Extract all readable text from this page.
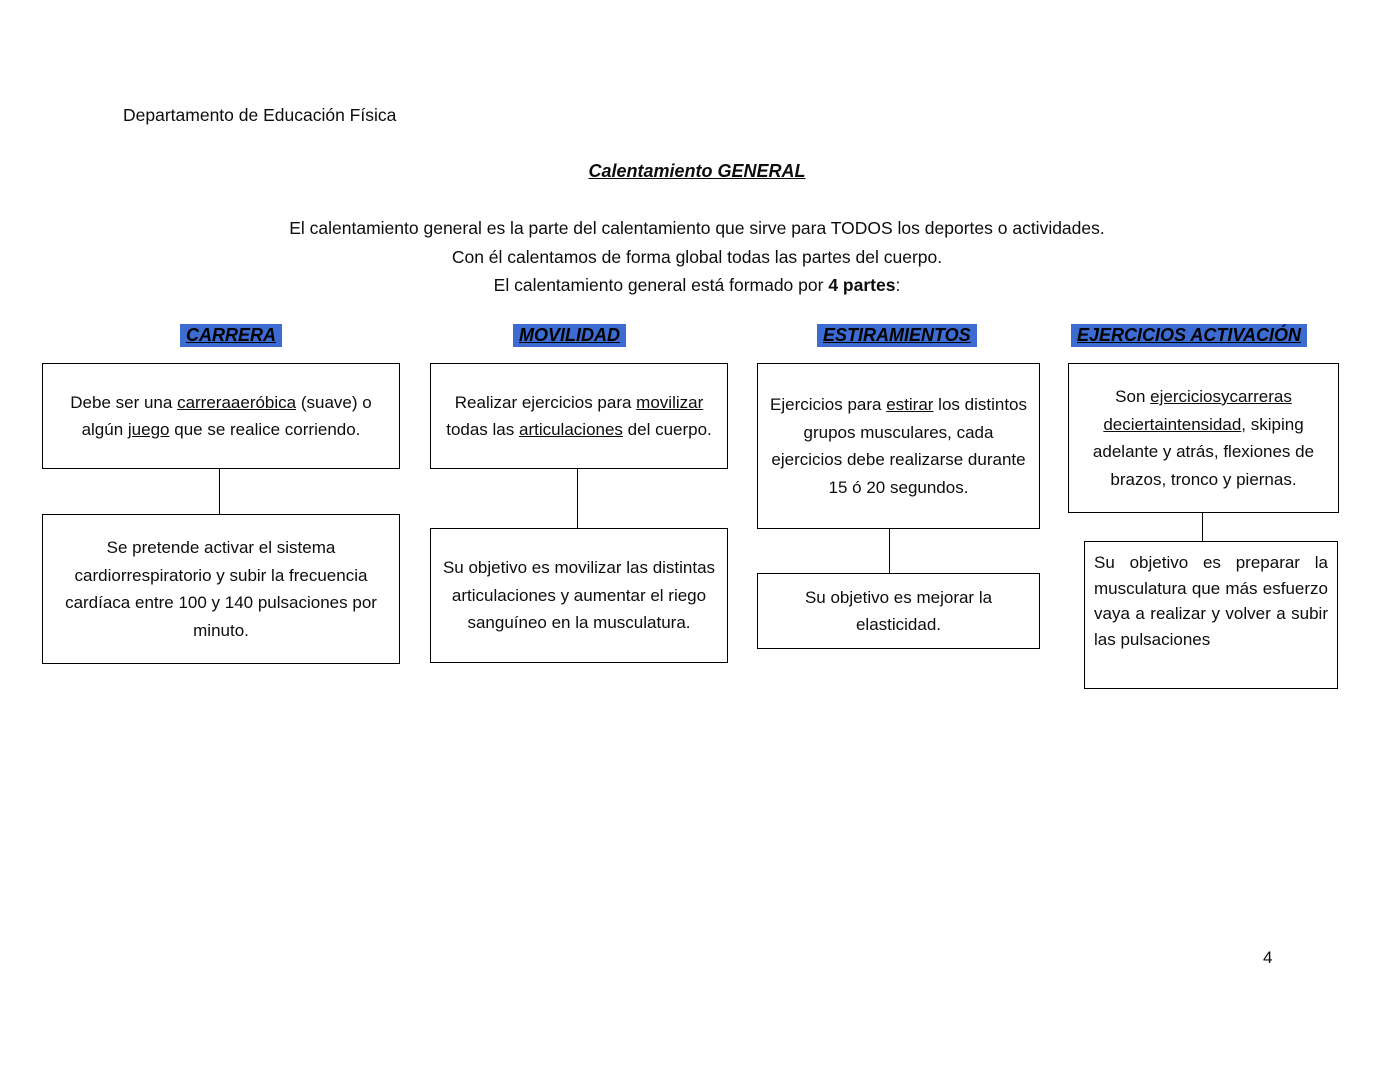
Departamento de Educación Física
Calentamiento GENERAL
El calentamiento general es la parte del calentamiento que sirve para TODOS los deportes o actividades.
Con él calentamos de forma global todas las partes del cuerpo.
El calentamiento general está formado por 4 partes:
CARRERA	MOVILIDAD	ESTIRAMIENTOS	EJERCICIOS ACTIVACIÓN
Debe ser una carreraaeróbica (suave) o algún juego que se realice corriendo.
Se pretende activar el sistema cardiorrespiratorio y subir la frecuencia cardíaca entre 100 y 140 pulsaciones por minuto.
Realizar ejercicios para movilizar todas las articulaciones del cuerpo.
Su objetivo es movilizar las distintas articulaciones y aumentar el riego sanguíneo en la musculatura.
Ejercicios para estirar los distintos grupos musculares, cada ejercicios debe realizarse durante 15 ó 20 segundos.
Su objetivo es mejorar la elasticidad.
Son ejerciciosycarreras deciertaintensidad, skiping adelante y atrás, flexiones de brazos, tronco y piernas.
Su objetivo es preparar la musculatura que más esfuerzo vaya a realizar y volver a subir las pulsaciones
4
